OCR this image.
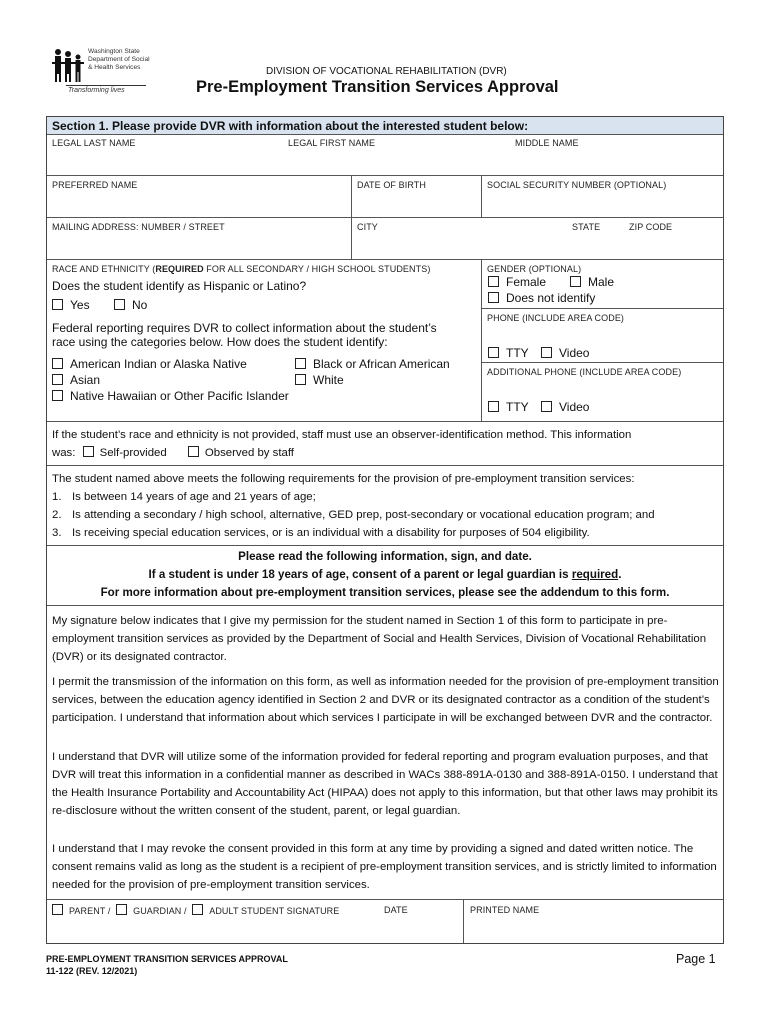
Washington State
Department of Social
& Health Services
Transforming lives
DIVISION OF VOCATIONAL REHABILITATION (DVR)
Pre-Employment Transition Services Approval
Section 1. Please provide DVR with information about the interested student below:
LEGAL LAST NAME	LEGAL FIRST NAME	MIDDLE NAME
PREFERRED NAME	DATE OF BIRTH	SOCIAL SECURITY NUMBER (OPTIONAL)
MAILING ADDRESS: NUMBER / STREET	CITY	STATE	ZIP CODE
RACE AND ETHNICITY (REQUIRED FOR ALL SECONDARY / HIGH SCHOOL STUDENTS)
Does the student identify as Hispanic or Latino?
Yes	No
Federal reporting requires DVR to collect information about the student’s
race using the categories below. How does the student identify:
American Indian or Alaska Native	Black or African American
Asian	White
Native Hawaiian or Other Pacific Islander
GENDER (OPTIONAL)
Female	Male
Does not identify
PHONE (INCLUDE AREA CODE)
TTY	Video
ADDITIONAL PHONE (INCLUDE AREA CODE)
TTY	Video
If the student’s race and ethnicity is not provided, staff must use an observer-identification method. This information
was: Self-provided	Observed by staff
The student named above meets the following requirements for the provision of pre-employment transition services:
1. Is between 14 years of age and 21 years of age;
2. Is attending a secondary / high school, alternative, GED prep, post-secondary or vocational education program; and
3. Is receiving special education services, or is an individual with a disability for purposes of 504 eligibility.
Please read the following information, sign, and date.
If a student is under 18 years of age, consent of a parent or legal guardian is required.
For more information about pre-employment transition services, please see the addendum to this form.

My signature below indicates that I give my permission for the student named in Section 1 of this form to participate in pre-employment transition services as provided by the Department of Social and Health Services, Division of Vocational Rehabilitation (DVR) or its designated contractor.

I permit the transmission of the information on this form, as well as information needed for the provision of pre-employment transition services, between the education agency identified in Section 2 and DVR or its designated contractor as a condition of the student’s participation. I understand that information about which services I participate in will be exchanged between DVR and the contractor.

I understand that DVR will utilize some of the information provided for federal reporting and program evaluation purposes, and that DVR will treat this information in a confidential manner as described in WACs 388-891A-0130 and 388-891A-0150. I understand that the Health Insurance Portability and Accountability Act (HIPAA) does not apply to this information, but that other laws may prohibit its re-disclosure without the written consent of the student, parent, or legal guardian.

I understand that I may revoke the consent provided in this form at any time by providing a signed and dated written notice. The consent remains valid as long as the student is a recipient of pre-employment transition services, and is strictly limited to information needed for the provision of pre-employment transition services.

PARENT /	GUARDIAN /	ADULT STUDENT SIGNATURE	DATE	PRINTED NAME
PRE-EMPLOYMENT TRANSITION SERVICES APPROVAL
11-122 (REV. 12/2021)
Page 1
